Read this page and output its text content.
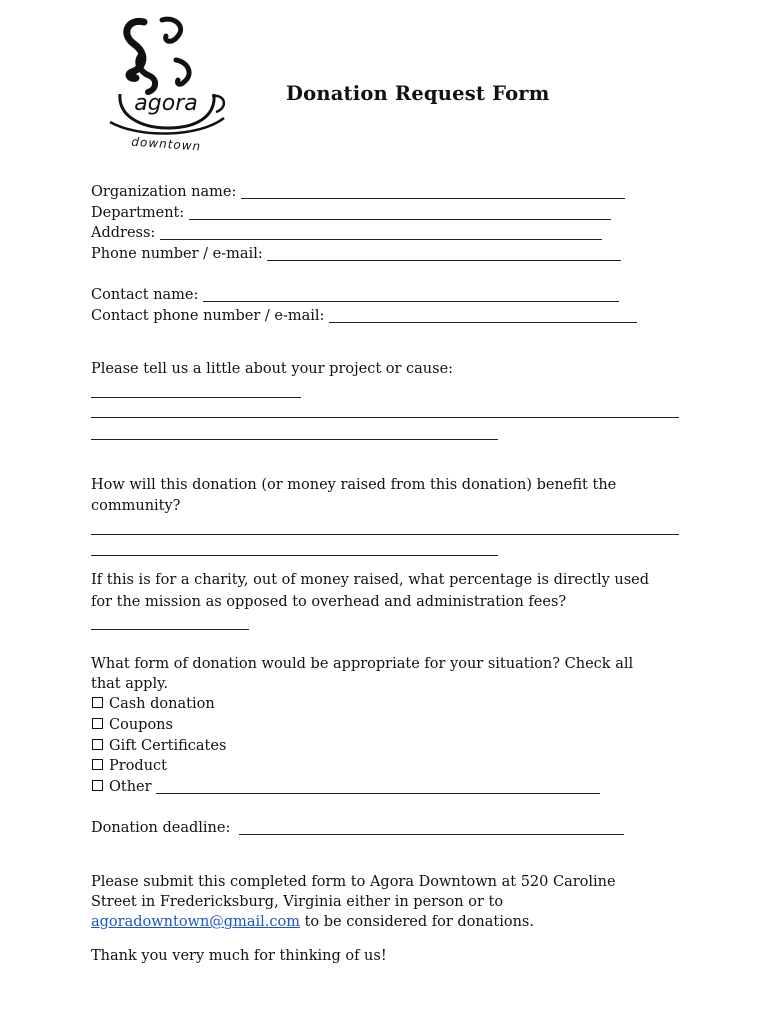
agora
downtown
Donation Request Form
Organization name:
Department:
Address:
Phone number / e-mail:
Contact name:
Contact phone number / e-mail:
Please tell us a little about your project or cause:
How will this donation (or money raised from this donation) benefit the
community?
If this is for a charity, out of money raised, what percentage is directly used
for the mission as opposed to overhead and administration fees?
What form of donation would be appropriate for your situation? Check all
that apply.
Cash donation
Coupons
Gift Certificates
Product
Other
Donation deadline:
Please submit this completed form to Agora Downtown at 520 Caroline
Street in Fredericksburg, Virginia either in person or to
agoradowntown@gmail.com to be considered for donations.
Thank you very much for thinking of us!
